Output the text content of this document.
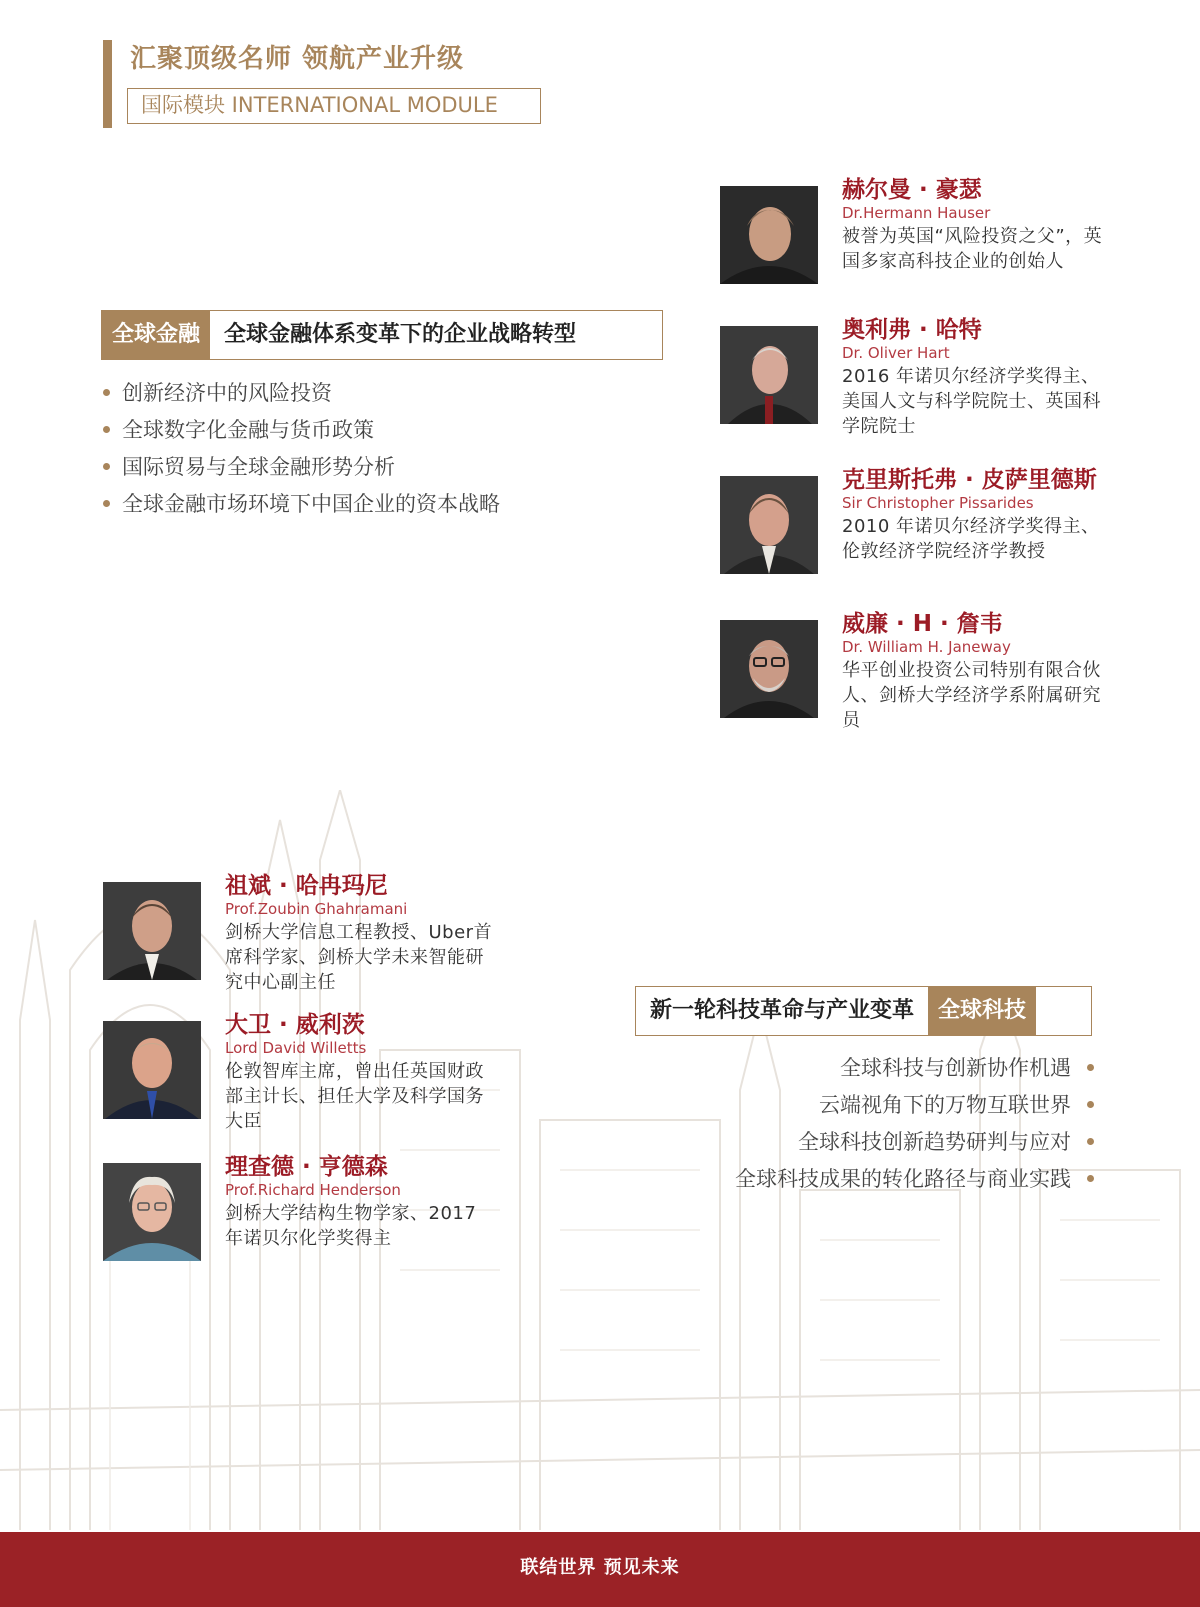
汇聚顶级名师 领航产业升级
国际模块 INTERNATIONAL MODULE
全球金融	全球金融体系变革下的企业战略转型
创新经济中的风险投资
全球数字化金融与货币政策
国际贸易与全球金融形势分析
全球金融市场环境下中国企业的资本战略
赫尔曼 · 豪瑟
Dr.Hermann Hauser
被誉为英国“风险投资之父”，英国多家高科技企业的创始人
奥利弗 · 哈特
Dr. Oliver Hart
2016 年诺贝尔经济学奖得主、美国人文与科学院院士、英国科学院院士
克里斯托弗 · 皮萨里德斯
Sir Christopher Pissarides
2010 年诺贝尔经济学奖得主、伦敦经济学院经济学教授
威廉 · H · 詹韦
Dr. William H. Janeway
华平创业投资公司特别有限合伙人、剑桥大学经济学系附属研究员
祖斌 · 哈冉玛尼
Prof.Zoubin Ghahramani
剑桥大学信息工程教授、Uber首席科学家、剑桥大学未来智能研究中心副主任
大卫 · 威利茨
Lord David Willetts
伦敦智库主席，曾出任英国财政部主计长、担任大学及科学国务大臣
理查德 · 亨德森
Prof.Richard Henderson
剑桥大学结构生物学家、2017 年诺贝尔化学奖得主
新一轮科技革命与产业变革	全球科技
全球科技与创新协作机遇
云端视角下的万物互联世界
全球科技创新趋势研判与应对
全球科技成果的转化路径与商业实践
联结世界 预见未来
